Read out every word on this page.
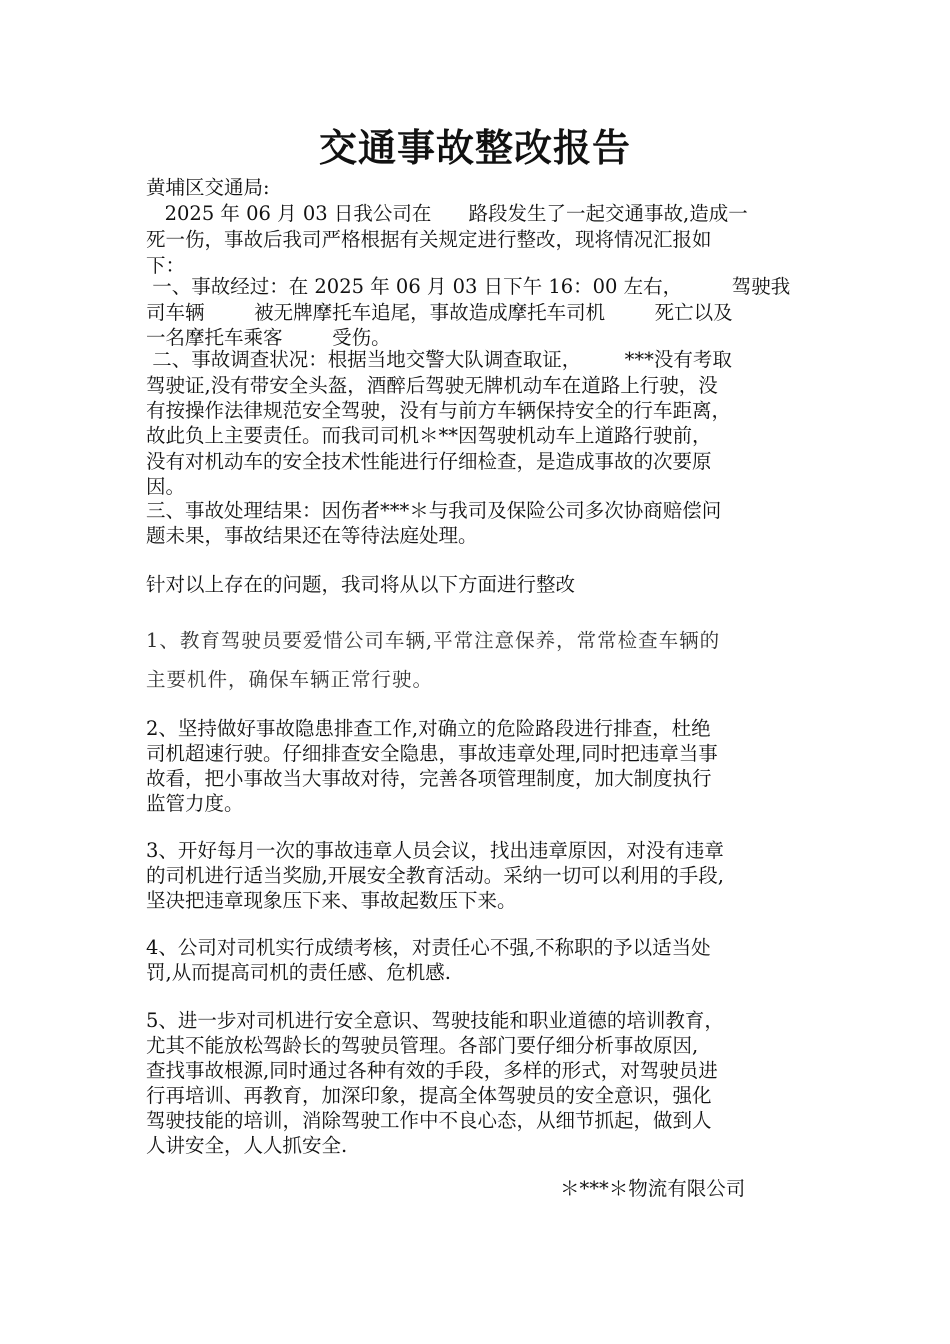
交通事故整改报告
黄埔区交通局:
2025 年 06 月 03 日我公司在      路段发生了一起交通事故,造成一
死一伤，事故后我司严格根据有关规定进行整改，现将情况汇报如
下：
一、事故经过：在 2025 年 06 月 03 日下午 16：00 左右，        驾驶我
司车辆        被无牌摩托车追尾，事故造成摩托车司机        死亡以及
一名摩托车乘客        受伤。
二、事故调查状况：根据当地交警大队调查取证，       ***没有考取
驾驶证,没有带安全头盔，酒醉后驾驶无牌机动车在道路上行驶，没
有按操作法律规范安全驾驶，没有与前方车辆保持安全的行车距离，
故此负上主要责任。而我司司机＊**因驾驶机动车上道路行驶前，
没有对机动车的安全技术性能进行仔细检查，是造成事故的次要原
因。
三、事故处理结果：因伤者***＊与我司及保险公司多次协商赔偿问
题未果，事故结果还在等待法庭处理。
针对以上存在的问题，我司将从以下方面进行整改
1、教育驾驶员要爱惜公司车辆,平常注意保养，常常检查车辆的
主要机件，确保车辆正常行驶。
2、坚持做好事故隐患排查工作,对确立的危险路段进行排查，杜绝
司机超速行驶。仔细排查安全隐患，事故违章处理,同时把违章当事
故看，把小事故当大事故对待，完善各项管理制度，加大制度执行
监管力度。
3、开好每月一次的事故违章人员会议，找出违章原因，对没有违章
的司机进行适当奖励,开展安全教育活动。采纳一切可以利用的手段,
坚决把违章现象压下来、事故起数压下来。
4、公司对司机实行成绩考核，对责任心不强,不称职的予以适当处
罚,从而提高司机的责任感、危机感.
5、进一步对司机进行安全意识、驾驶技能和职业道德的培训教育，
尤其不能放松驾龄长的驾驶员管理。各部门要仔细分析事故原因,
查找事故根源,同时通过各种有效的手段，多样的形式，对驾驶员进
行再培训、再教育，加深印象，提高全体驾驶员的安全意识，强化
驾驶技能的培训，消除驾驶工作中不良心态，从细节抓起，做到人
人讲安全，人人抓安全.
＊***＊物流有限公司
